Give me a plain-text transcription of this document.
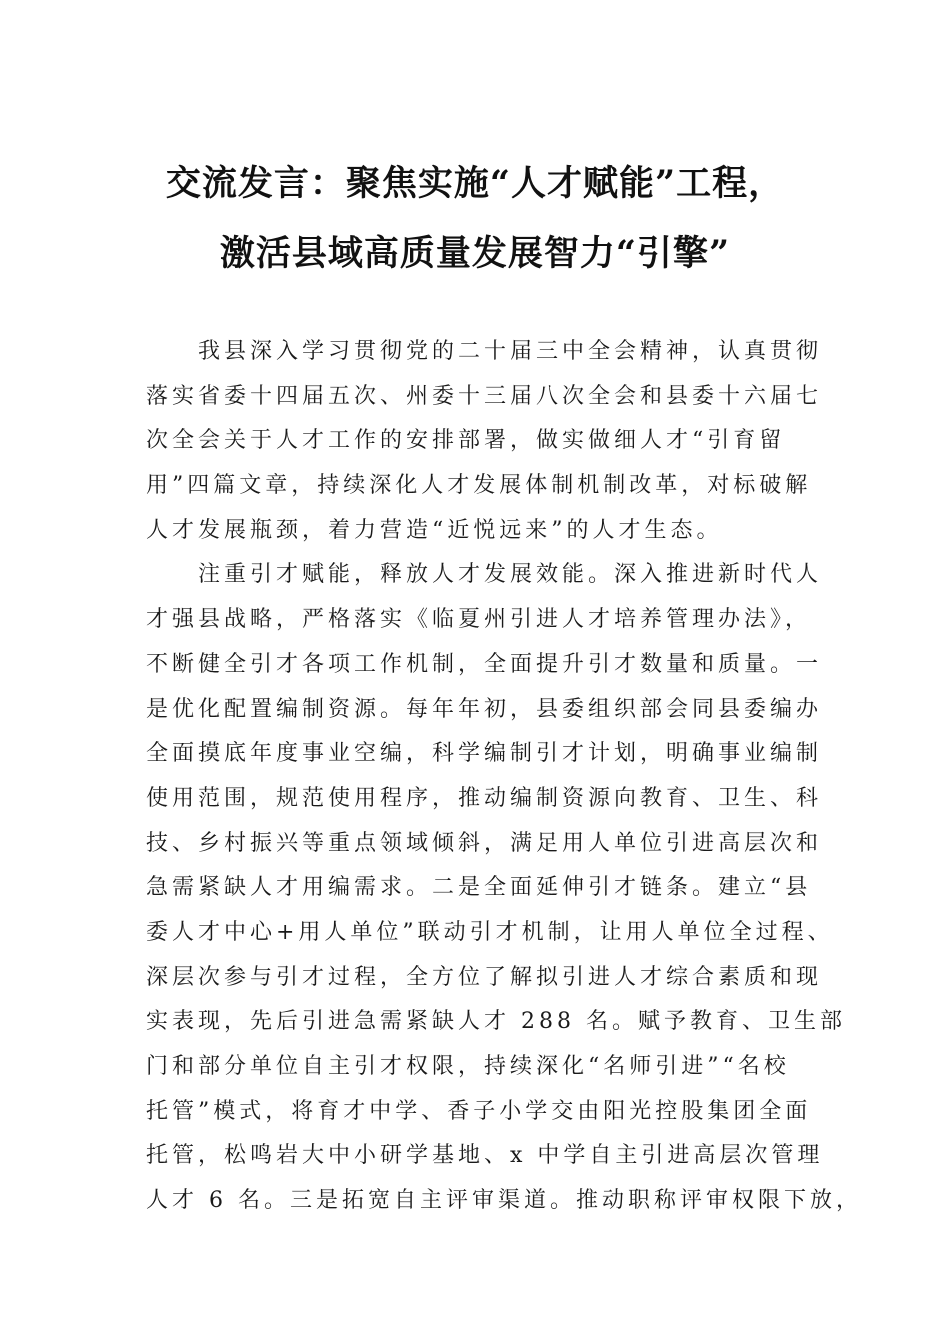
交流发言：聚焦实施“人才赋能”工程，
激活县域高质量发展智力“引擎”
我县深入学习贯彻党的二十届三中全会精神，认真贯彻
落实省委十四届五次、州委十三届八次全会和县委十六届七
次全会关于人才工作的安排部署，做实做细人才“引育留
用”四篇文章，持续深化人才发展体制机制改革，对标破解
人才发展瓶颈，着力营造“近悦远来”的人才生态。
注重引才赋能，释放人才发展效能。深入推进新时代人
才强县战略，严格落实《临夏州引进人才培养管理办法》，
不断健全引才各项工作机制，全面提升引才数量和质量。一
是优化配置编制资源。每年年初，县委组织部会同县委编办
全面摸底年度事业空编，科学编制引才计划，明确事业编制
使用范围，规范使用程序，推动编制资源向教育、卫生、科
技、乡村振兴等重点领域倾斜，满足用人单位引进高层次和
急需紧缺人才用编需求。二是全面延伸引才链条。建立“县
委人才中心+用人单位”联动引才机制，让用人单位全过程、
深层次参与引才过程，全方位了解拟引进人才综合素质和现
实表现，先后引进急需紧缺人才 288 名。赋予教育、卫生部
门和部分单位自主引才权限，持续深化“名师引进”“名校
托管”模式，将育才中学、香子小学交由阳光控股集团全面
托管，松鸣岩大中小研学基地、x 中学自主引进高层次管理
人才 6 名。三是拓宽自主评审渠道。推动职称评审权限下放，
